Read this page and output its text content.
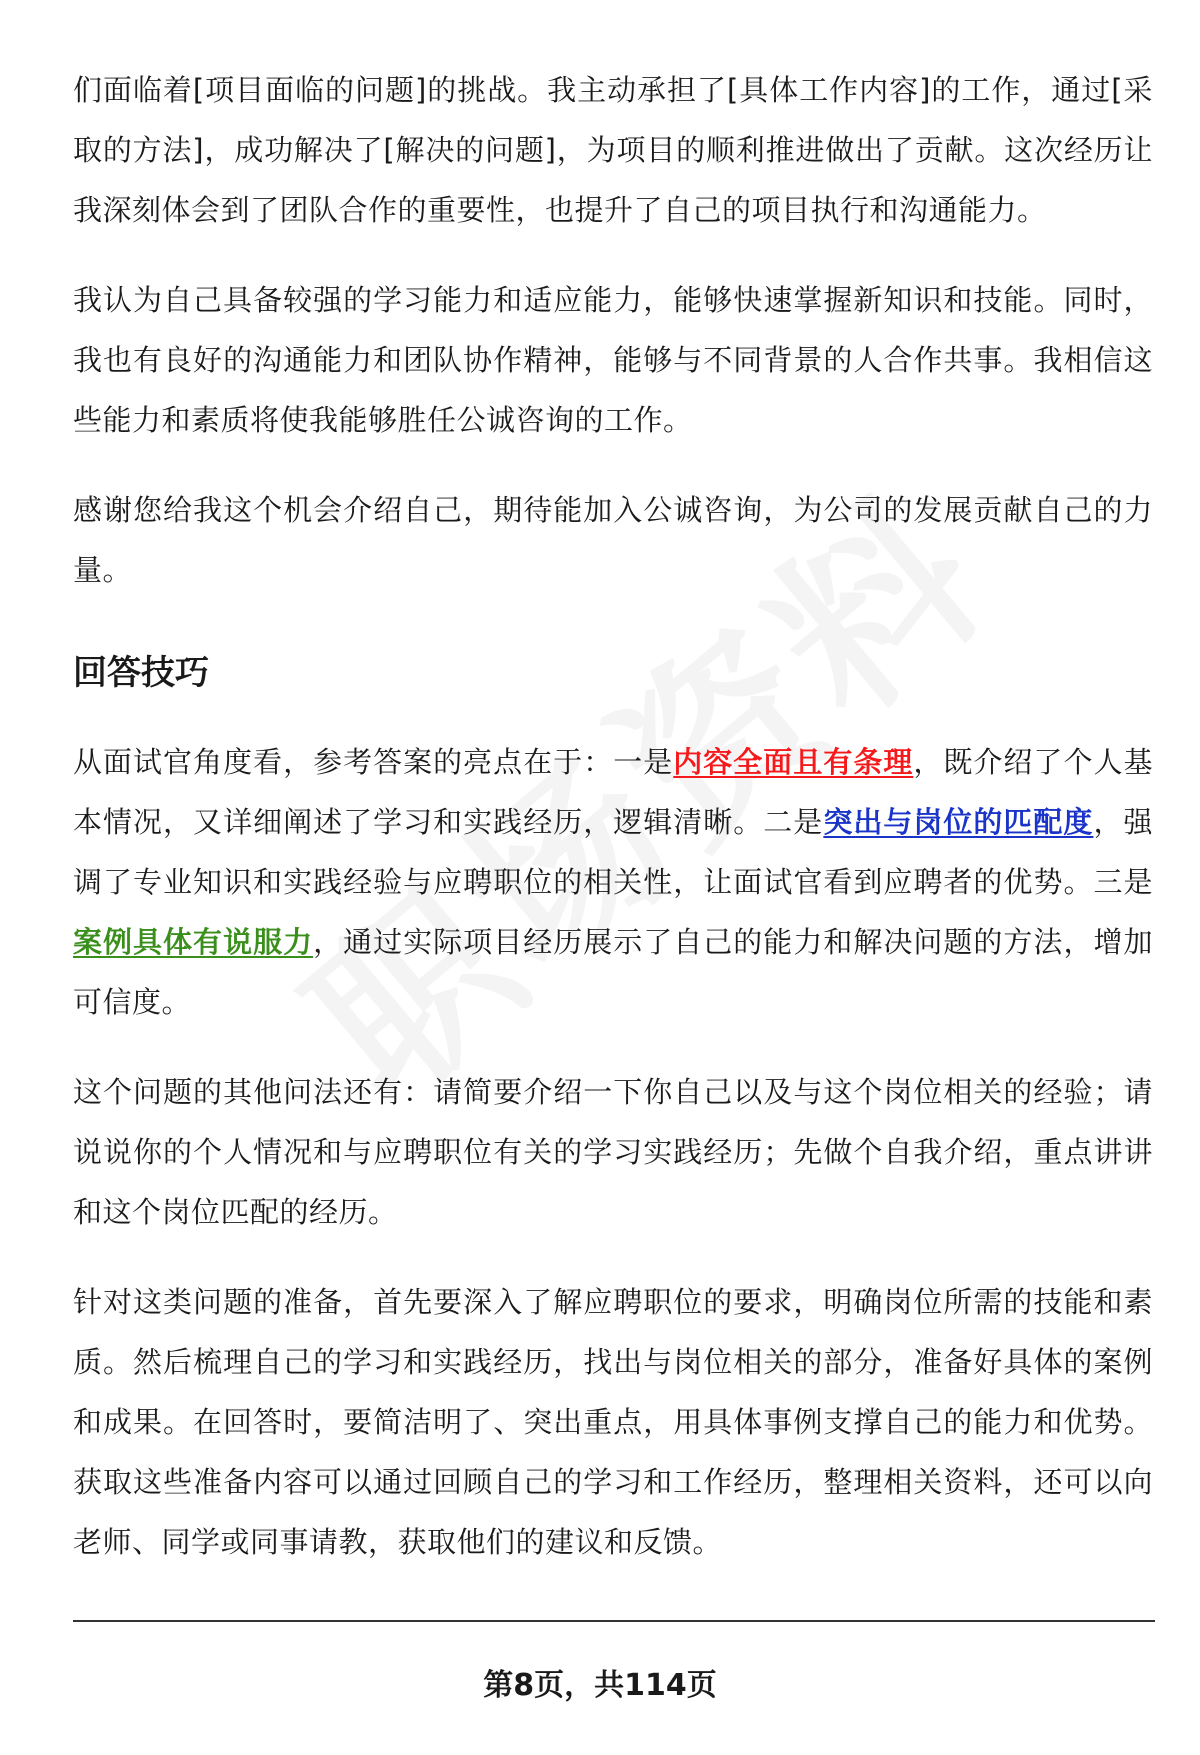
们面临着[项目面临的问题]的挑战。我主动承担了[具体工作内容]的工作，通过[采取的方法]，成功解决了[解决的问题]，为项目的顺利推进做出了贡献。这次经历让我深刻体会到了团队合作的重要性，也提升了自己的项目执行和沟通能力。

我认为自己具备较强的学习能力和适应能力，能够快速掌握新知识和技能。同时，我也有良好的沟通能力和团队协作精神，能够与不同背景的人合作共事。我相信这些能力和素质将使我能够胜任公诚咨询的工作。

感谢您给我这个机会介绍自己，期待能加入公诚咨询，为公司的发展贡献自己的力量。

回答技巧

从面试官角度看，参考答案的亮点在于：一是内容全面且有条理，既介绍了个人基本情况，又详细阐述了学习和实践经历，逻辑清晰。二是突出与岗位的匹配度，强调了专业知识和实践经验与应聘职位的相关性，让面试官看到应聘者的优势。三是案例具体有说服力，通过实际项目经历展示了自己的能力和解决问题的方法，增加可信度。

这个问题的其他问法还有：请简要介绍一下你自己以及与这个岗位相关的经验；请说说你的个人情况和与应聘职位有关的学习实践经历；先做个自我介绍，重点讲讲和这个岗位匹配的经历。

针对这类问题的准备，首先要深入了解应聘职位的要求，明确岗位所需的技能和素质。然后梳理自己的学习和实践经历，找出与岗位相关的部分，准备好具体的案例和成果。在回答时，要简洁明了、突出重点，用具体事例支撑自己的能力和优势。获取这些准备内容可以通过回顾自己的学习和工作经历，整理相关资料，还可以向老师、同学或同事请教，获取他们的建议和反馈。

第8页，共114页
